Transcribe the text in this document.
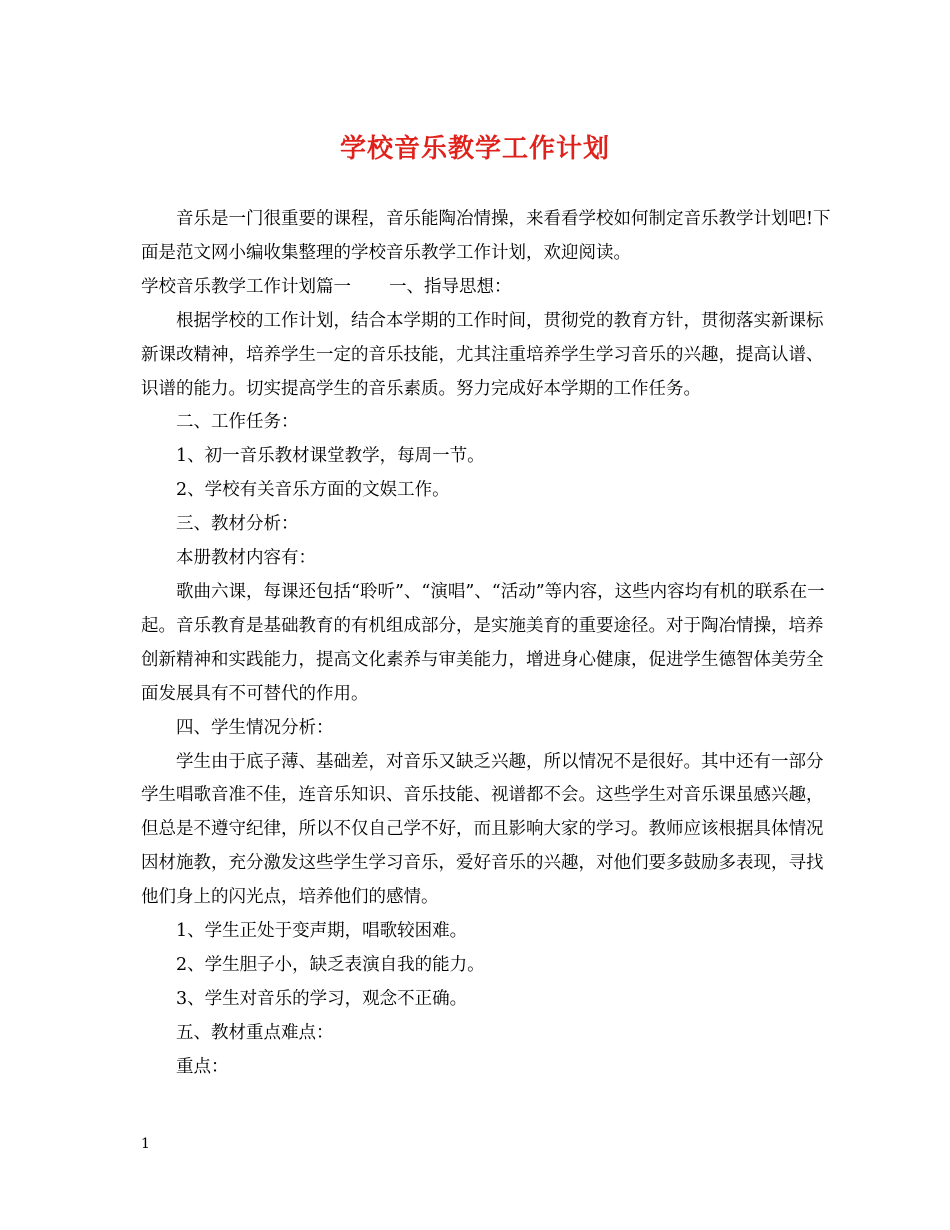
学校音乐教学工作计划

音乐是一门很重要的课程，音乐能陶冶情操，来看看学校如何制定音乐教学计划吧!下面是范文网小编收集整理的学校音乐教学工作计划，欢迎阅读。

学校音乐教学工作计划篇一 一、指导思想：

根据学校的工作计划，结合本学期的工作时间，贯彻党的教育方针，贯彻落实新课标新课改精神，培养学生一定的音乐技能，尤其注重培养学生学习音乐的兴趣，提高认谱、识谱的能力。切实提高学生的音乐素质。努力完成好本学期的工作任务。

二、工作任务：

1、初一音乐教材课堂教学，每周一节。

2、学校有关音乐方面的文娱工作。

三、教材分析：

本册教材内容有：

歌曲六课，每课还包括“聆听”、“演唱”、“活动”等内容，这些内容均有机的联系在一起。音乐教育是基础教育的有机组成部分，是实施美育的重要途径。对于陶冶情操，培养创新精神和实践能力，提高文化素养与审美能力，增进身心健康，促进学生德智体美劳全面发展具有不可替代的作用。

四、学生情况分析：

学生由于底子薄、基础差，对音乐又缺乏兴趣，所以情况不是很好。其中还有一部分学生唱歌音准不佳，连音乐知识、音乐技能、视谱都不会。这些学生对音乐课虽感兴趣，但总是不遵守纪律，所以不仅自己学不好，而且影响大家的学习。教师应该根据具体情况因材施教，充分激发这些学生学习音乐，爱好音乐的兴趣，对他们要多鼓励多表现，寻找他们身上的闪光点，培养他们的感情。

1、学生正处于变声期，唱歌较困难。

2、学生胆子小，缺乏表演自我的能力。

3、学生对音乐的学习，观念不正确。

五、教材重点难点：

重点：

1
